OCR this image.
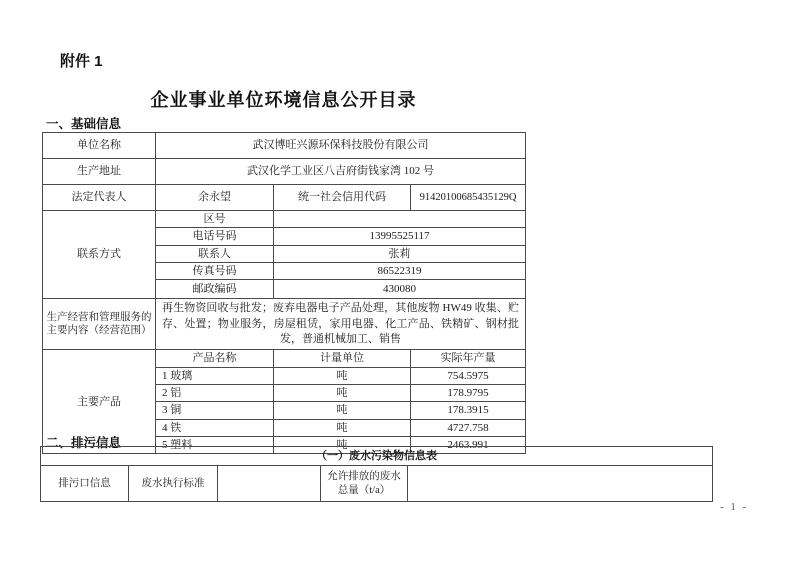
附件 1
企业事业单位环境信息公开目录
一、基础信息
单位名称	武汉博旺兴源环保科技股份有限公司		
生产地址	武汉化学工业区八吉府街钱家湾 102 号		
法定代表人	余永望	统一社会信用代码	91420100685435129Q
联系方式	区号		
	电话号码	13995525117	
	联系人	张莉	
	传真号码	86522319	
	邮政编码	430080	
生产经营和管理服务的主要内容（经营范围）	再生物资回收与批发；废弃电器电子产品处理，其他废物 HW49 收集、贮存、处置；物业服务，房屋租赁，家用电器、化工产品、铁精矿、钢材批发，普通机械加工、销售		
主要产品	产品名称	计量单位	实际年产量
	1 玻璃	吨	754.5975
	2 铝	吨	178.9795
	3 铜	吨	178.3915
	4 铁	吨	4727.758
	5 塑料	吨	2463.991
二、排污信息
（一）废水污染物信息表
排污口信息	废水执行标准		允许排放的废水总量（t/a）	
- 1 -
